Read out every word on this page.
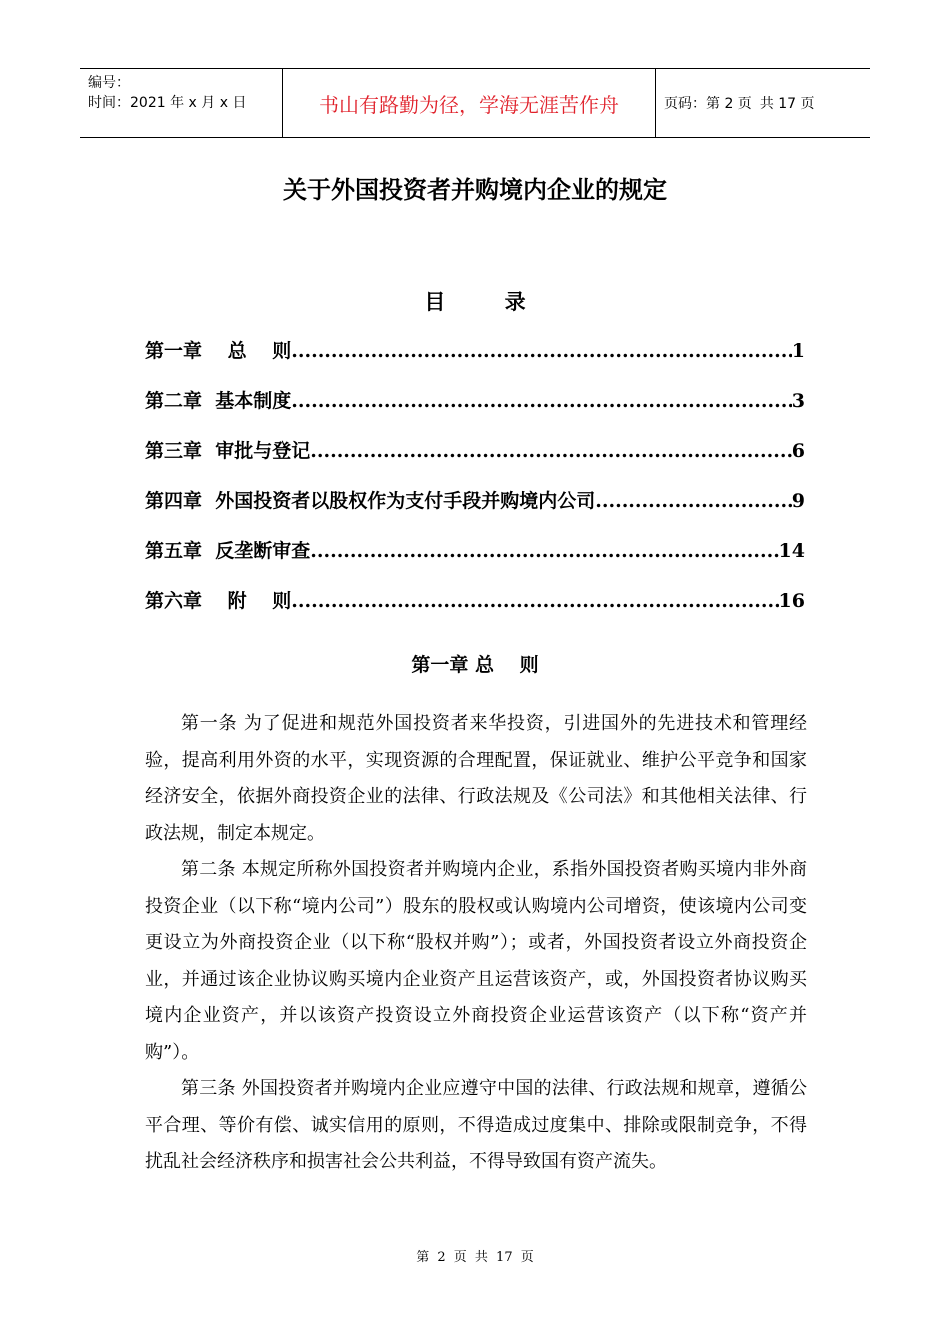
编号：
时间：2021 年 x 月 x 日	书山有路勤为径，学海无涯苦作舟	页码：第 2 页 共 17 页
关于外国投资者并购境内企业的规定
目 录
第一章　 总　 则 .....	1
第二章  基本制度 .....	3
第三章  审批与登记 .....	6
第四章  外国投资者以股权作为支付手段并购境内公司 .....	9
第五章  反垄断审查 .....	14
第六章　 附　 则 .....	16
第一章 总　 则

第一条 为了促进和规范外国投资者来华投资，引进国外的先进技术和管理经验，提高利用外资的水平，实现资源的合理配置，保证就业、维护公平竞争和国家经济安全，依据外商投资企业的法律、行政法规及《公司法》和其他相关法律、行政法规，制定本规定。

第二条 本规定所称外国投资者并购境内企业，系指外国投资者购买境内非外商投资企业（以下称“境内公司”）股东的股权或认购境内公司增资，使该境内公司变更设立为外商投资企业（以下称“股权并购”）；或者，外国投资者设立外商投资企业，并通过该企业协议购买境内企业资产且运营该资产，或，外国投资者协议购买境内企业资产，并以该资产投资设立外商投资企业运营该资产（以下称“资产并购”）。

第三条 外国投资者并购境内企业应遵守中国的法律、行政法规和规章，遵循公平合理、等价有偿、诚实信用的原则，不得造成过度集中、排除或限制竞争，不得扰乱社会经济秩序和损害社会公共利益，不得导致国有资产流失。

第 2 页 共 17 页
